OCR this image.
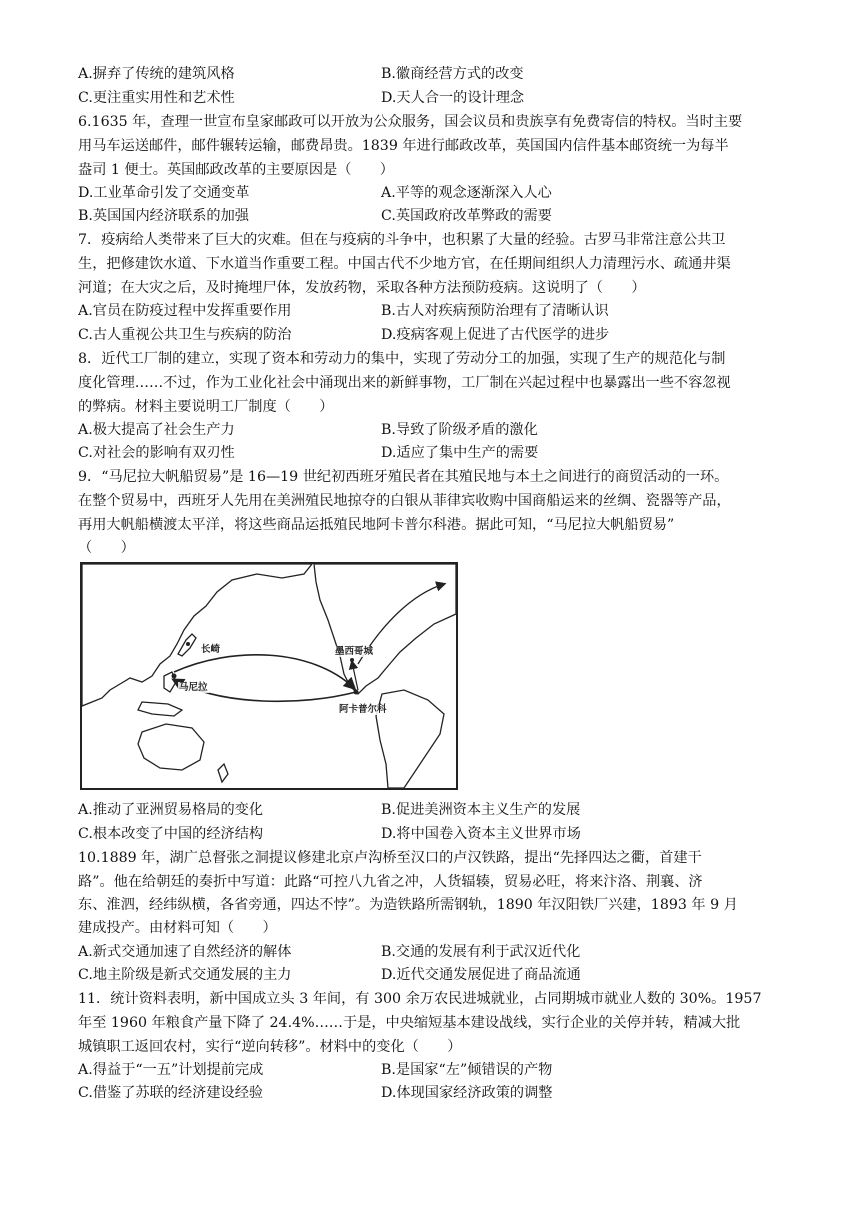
A.摒弃了传统的建筑风格	B.徽商经营方式的改变
C.更注重实用性和艺术性	D.天人合一的设计理念
6.1635 年，查理一世宣布皇家邮政可以开放为公众服务，国会议员和贵族享有免费寄信的特权。当时主要
用马车运送邮件，邮件辗转运输，邮费昂贵。1839 年进行邮政改革，英国国内信件基本邮资统一为每半
盎司 1 便士。英国邮政改革的主要原因是（　　）
D.工业革命引发了交通变革	A.平等的观念逐渐深入人心
B.英国国内经济联系的加强	C.英国政府改革弊政的需要
7．疫病给人类带来了巨大的灾难。但在与疫病的斗争中，也积累了大量的经验。古罗马非常注意公共卫
生，把修建饮水道、下水道当作重要工程。中国古代不少地方官，在任期间组织人力清理污水、疏通井渠
河道；在大灾之后，及时掩埋尸体，发放药物，采取各种方法预防疫病。这说明了（　　）
A.官员在防疫过程中发挥重要作用	B.古人对疾病预防治理有了清晰认识
C.古人重视公共卫生与疾病的防治	D.疫病客观上促进了古代医学的进步
8．近代工厂制的建立，实现了资本和劳动力的集中，实现了劳动分工的加强，实现了生产的规范化与制
度化管理……不过，作为工业化社会中涌现出来的新鲜事物，工厂制在兴起过程中也暴露出一些不容忽视
的弊病。材料主要说明工厂制度（　　）
A.极大提高了社会生产力	B.导致了阶级矛盾的激化
C.对社会的影响有双刃性	D.适应了集中生产的需要
9．“马尼拉大帆船贸易”是 16—19 世纪初西班牙殖民者在其殖民地与本土之间进行的商贸活动的一环。
在整个贸易中，西班牙人先用在美洲殖民地掠夺的白银从菲律宾收购中国商船运来的丝绸、瓷器等产品，
再用大帆船横渡太平洋，将这些商品运抵殖民地阿卡普尔科港。据此可知，“马尼拉大帆船贸易”
（　　）
长崎
马尼拉
墨西哥城
阿卡普尔科
A.推动了亚洲贸易格局的变化	B.促进美洲资本主义生产的发展
C.根本改变了中国的经济结构	D.将中国卷入资本主义世界市场
10.1889 年，湖广总督张之洞提议修建北京卢沟桥至汉口的卢汉铁路，提出“先择四达之衢，首建干
路”。他在给朝廷的奏折中写道：此路“可控八九省之冲，人货辐辏，贸易必旺，将来汴洛、荆襄、济
东、淮泗，经纬纵横，各省旁通，四达不悖”。为造铁路所需钢轨，1890 年汉阳铁厂兴建，1893 年 9 月
建成投产。由材料可知（　　）
A.新式交通加速了自然经济的解体	B.交通的发展有利于武汉近代化
C.地主阶级是新式交通发展的主力	D.近代交通发展促进了商品流通
11．统计资料表明，新中国成立头 3 年间，有 300 余万农民进城就业，占同期城市就业人数的 30%。1957
年至 1960 年粮食产量下降了 24.4%……于是，中央缩短基本建设战线，实行企业的关停并转，精减大批
城镇职工返回农村，实行“逆向转移”。材料中的变化（　　）
A.得益于“一五”计划提前完成	B.是国家“左”倾错误的产物
C.借鉴了苏联的经济建设经验	D.体现国家经济政策的调整
